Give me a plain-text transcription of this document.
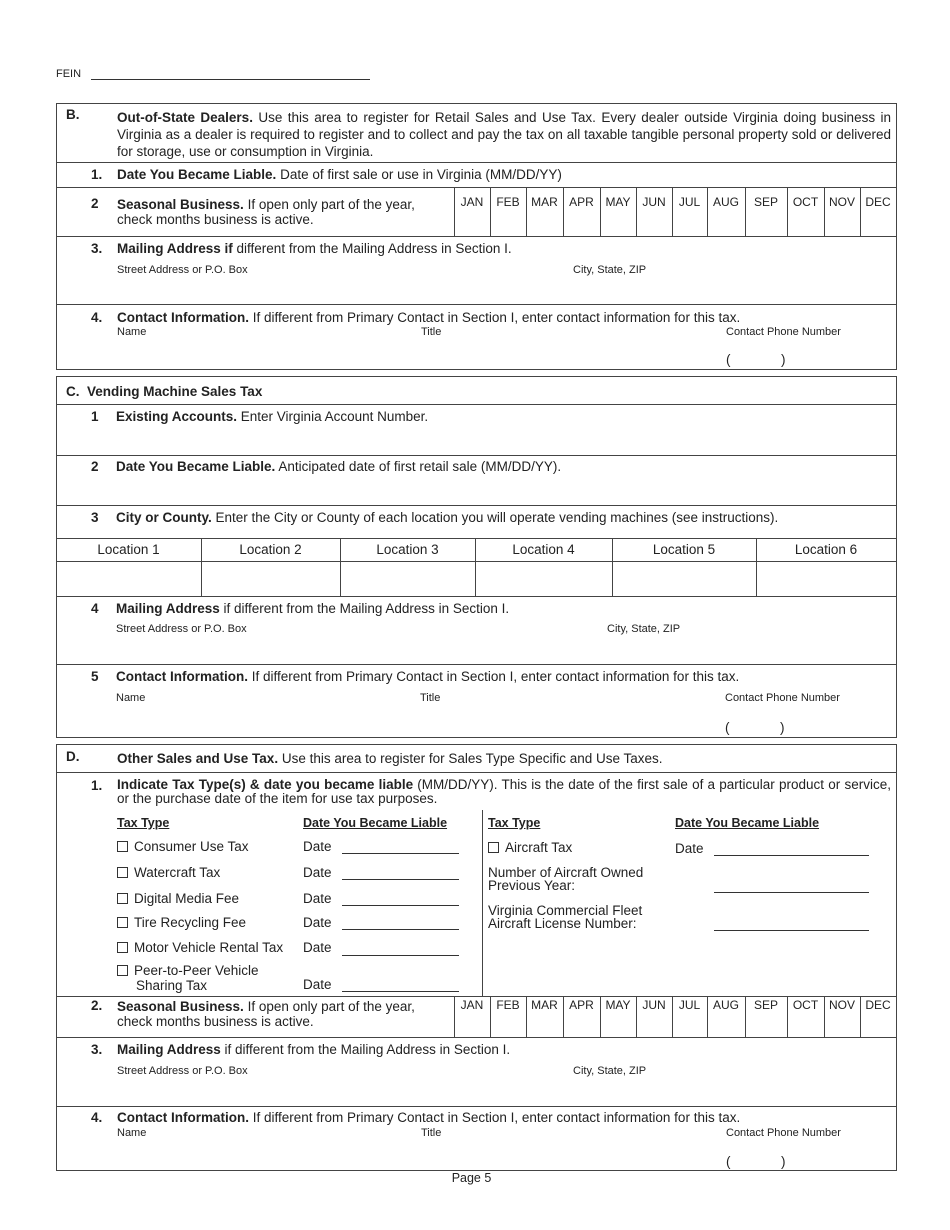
FEIN
B.	Out-of-State Dealers. Use this area to register for Retail Sales and Use Tax. Every dealer outside Virginia doing business in Virginia as a dealer is required to register and to collect and pay the tax on all taxable tangible personal property sold or delivered for storage, use or consumption in Virginia.
1. Date You Became Liable. Date of first sale or use in Virginia (MM/DD/YY)
2 Seasonal Business. If open only part of the year, check months business is active.
JAN	FEB MAR APR MAY JUN	JUL	AUG	SEP	OCT NOV DEC
3. Mailing Address if different from the Mailing Address in Section I.
Street Address or P.O. Box	City, State, ZIP
4. Contact Information. If different from Primary Contact in Section I, enter contact information for this tax.
Name	Title	Contact Phone Number
(	)
C. Vending Machine Sales Tax
1 Existing Accounts. Enter Virginia Account Number.
2 Date You Became Liable. Anticipated date of first retail sale (MM/DD/YY).
3 City or County. Enter the City or County of each location you will operate vending machines (see instructions).
Location 1	Location 2	Location 3	Location 4	Location 5	Location 6
4 Mailing Address if different from the Mailing Address in Section I.
Street Address or P.O. Box	City, State, ZIP
5 Contact Information. If different from Primary Contact in Section I, enter contact information for this tax.
Name	Title	Contact Phone Number
(	)
D.	Other Sales and Use Tax. Use this area to register for Sales Type Specific and Use Taxes.
1. Indicate Tax Type(s) & date you became liable (MM/DD/YY). This is the date of the first sale of a particular product or service, or the purchase date of the item for use tax purposes.
Tax Type	Date You Became Liable	Tax Type	Date You Became Liable
Consumer Use Tax	Date
Watercraft Tax	Date
Digital Media Fee	Date
Tire Recycling Fee	Date
Motor Vehicle Rental Tax Date
Peer-to-Peer Vehicle
Sharing Tax	Date
Aircraft Tax	Date
Number of Aircraft Owned
Previous Year:
Virginia Commercial Fleet
Aircraft License Number:
2. Seasonal Business. If open only part of the year, check months business is active.
JAN	FEB MAR APR MAY JUN	JUL	AUG	SEP	OCT NOV DEC
3. Mailing Address if different from the Mailing Address in Section I.
Street Address or P.O. Box	City, State, ZIP
4. Contact Information. If different from Primary Contact in Section I, enter contact information for this tax.
Name	Title	Contact Phone Number
(	)
Page 5
